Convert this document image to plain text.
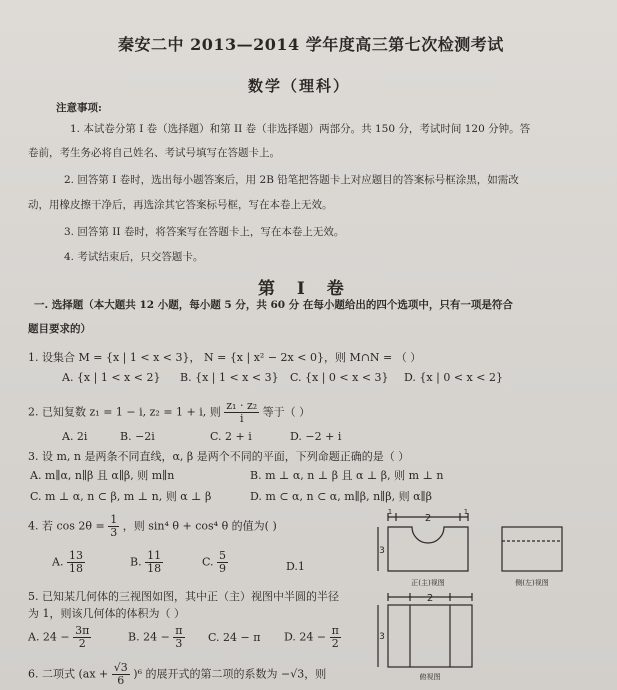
秦安二中 2013—2014 学年度高三第七次检测考试
数学（理科）
注意事项:
1. 本试卷分第 I 卷（选择题）和第 II 卷（非选择题）两部分。共 150 分，考试时间 120 分钟。答
卷前，考生务必将自己姓名、考试号填写在答题卡上。
2. 回答第 I 卷时，选出每小题答案后，用 2B 铅笔把答题卡上对应题目的答案标号框涂黑，如需改
动，用橡皮擦干净后，再选涂其它答案标号框，写在本卷上无效。
3. 回答第 II 卷时，将答案写在答题卡上，写在本卷上无效。
4. 考试结束后，只交答题卡。
第 I 卷
一. 选择题（本大题共 12 小题，每小题 5 分，共 60 分 在每小题给出的四个选项中，只有一项是符合
题目要求的）
1. 设集合 M = {x | 1 < x < 3}， N = {x | x² − 2x < 0}，则 M∩N = （ ）
A. {x | 1 < x < 2} B. {x | 1 < x < 3} C. {x | 0 < x < 3} D. {x | 0 < x < 2}
2. 已知复数 z₁ = 1 − i, z₂ = 1 + i, 则 $\frac{\text{z₁ · z₂}}{i}$ 等于（ ）
A. 2i	B. −2i	C. 2 + i	D. −2 + i
3. 设 m, n 是两条不同直线，α, β 是两个不同的平面，下列命题正确的是（ ）
A. m∥α, n∥β 且 α∥β, 则 m∥n	B. m ⊥ α, n ⊥ β 且 α ⊥ β, 则 m ⊥ n
C. m ⊥ α, n ⊂ β, m ⊥ n, 则 α ⊥ β	D. m ⊂ α, n ⊂ α, m∥β, n∥β, 则 α∥β
4. 若 $\cos 2\theta = \frac{1}{3}$ ，则 sin⁴ θ + cos⁴ θ 的值为( )
A. $\frac{13}{18}$	B. $\frac{11}{18}$	C. $\frac{5}{9}$	D.1
5. 已知某几何体的三视图如图，其中正（主）视图中半圆的半径
为 1，则该几何体的体积为（ ）
A. $24 - \frac{3\pi}{2}$	B. $24 - \frac{\pi}{3} C$. 24 − π D. $24 - \frac{\pi}{2}$
6. 二项式 $(ax + \frac{√3}{6} )^6$ 的展开式的第二项的系数为 −√3，则
2
1	1
3
正(主)视图	侧(左)视图
2
3
俯视图
